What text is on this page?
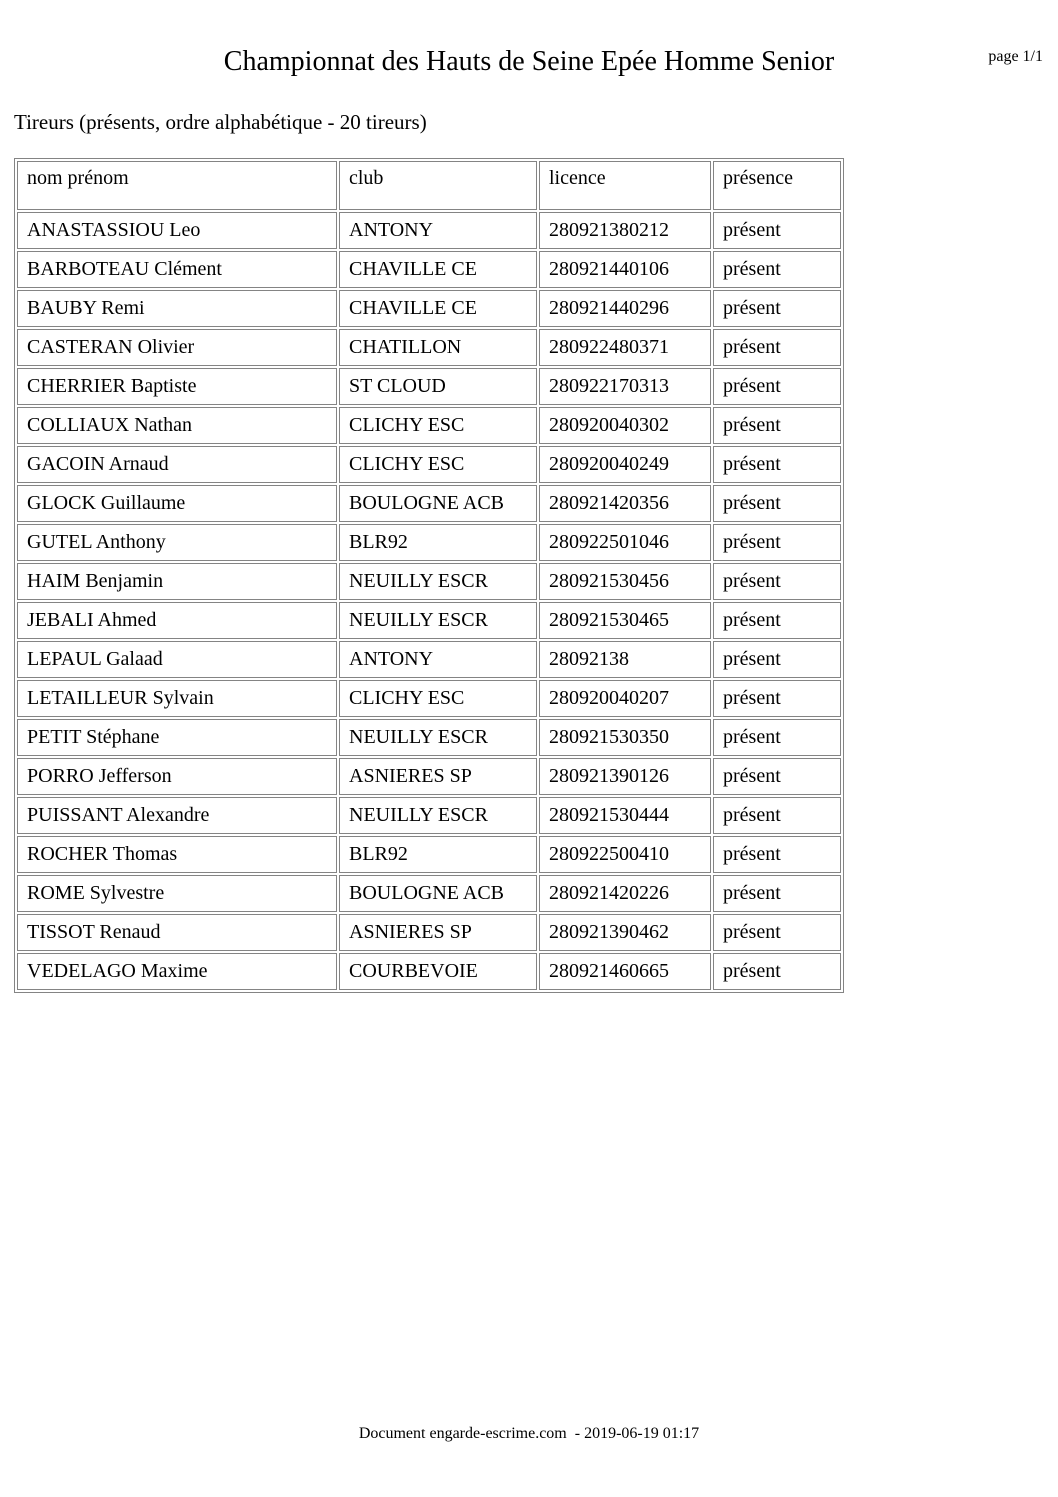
Championnat des Hauts de Seine Epée Homme Senior	page 1/1
Tireurs (présents, ordre alphabétique - 20 tireurs)
nom prénom	club	licence	présence
ANASTASSIOU Leo	ANTONY	280921380212	présent
BARBOTEAU Clément	CHAVILLE CE	280921440106	présent
BAUBY Remi	CHAVILLE CE	280921440296	présent
CASTERAN Olivier	CHATILLON	280922480371	présent
CHERRIER Baptiste	ST CLOUD	280922170313	présent
COLLIAUX Nathan	CLICHY ESC	280920040302	présent
GACOIN Arnaud	CLICHY ESC	280920040249	présent
GLOCK Guillaume	BOULOGNE ACB	280921420356	présent
GUTEL Anthony	BLR92	280922501046	présent
HAIM Benjamin	NEUILLY ESCR	280921530456	présent
JEBALI Ahmed	NEUILLY ESCR	280921530465	présent
LEPAUL Galaad	ANTONY	28092138	présent
LETAILLEUR Sylvain	CLICHY ESC	280920040207	présent
PETIT Stéphane	NEUILLY ESCR	280921530350	présent
PORRO Jefferson	ASNIERES SP	280921390126	présent
PUISSANT Alexandre	NEUILLY ESCR	280921530444	présent
ROCHER Thomas	BLR92	280922500410	présent
ROME Sylvestre	BOULOGNE ACB	280921420226	présent
TISSOT Renaud	ASNIERES SP	280921390462	présent
VEDELAGO Maxime	COURBEVOIE	280921460665	présent
Document engarde-escrime.com  - 2019-06-19 01:17
